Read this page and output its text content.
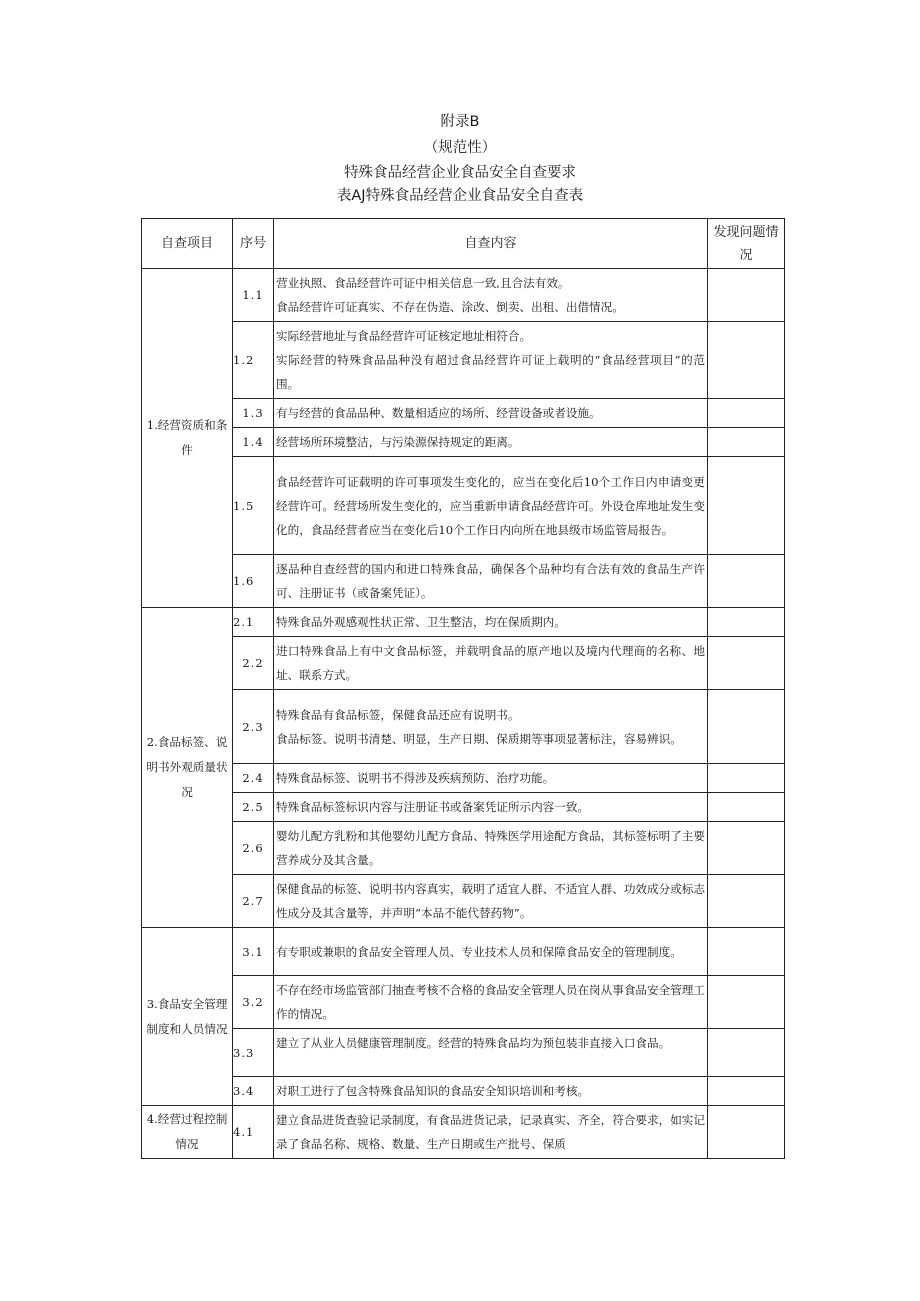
附录B
（规范性）
特殊食品经营企业食品安全自查要求
表AJ特殊食品经营企业食品安全自查表
自查项目	序号	自查内容	发现问题情况
1.经营资质和条件	1.1	营业执照、食品经营许可证中相关信息一致,且合法有效。
食品经营许可证真实、不存在伪造、涂改、倒卖、出租、出借情况。	

	1.2	实际经营地址与食品经营许可证核定地址相符合。
实际经营的特殊食品品种没有超过食品经营许可证上载明的“食品经营项目”的范围。	

	1.3	有与经营的食品品种、数量相适应的场所、经营设备或者设施。	

	1.4	经营场所环境整洁，与污染源保持规定的距离。	

	1.5	食品经营许可证载明的许可事项发生变化的，应当在变化后10个工作日内申请变更经营许可。经营场所发生变化的，应当重新申请食品经营许可。外设仓库地址发生变化的，食品经营者应当在变化后10个工作日内向所在地县级市场监管局报告。	

	1.6	逐品种自查经营的国内和进口特殊食品，确保各个品种均有合法有效的食品生产许可、注册证书（或备案凭证）。	

2.食品标签、说明书外观质量状况	2.1	特殊食品外观感观性状正常、卫生整洁，均在保质期内。	

	2.2	进口特殊食品上有中文食品标签，并载明食品的原产地以及境内代理商的名称、地址、联系方式。	

	2.3	特殊食品有食品标签，保健食品还应有说明书。
食品标签、说明书清楚、明显，生产日期、保质期等事项显著标注，容易辨识。	

	2.4	特殊食品标签、说明书不得涉及疾病预防、治疗功能。	

	2.5	特殊食品标签标识内容与注册证书或备案凭证所示内容一致。	

	2.6	婴幼儿配方乳粉和其他婴幼儿配方食品、特殊医学用途配方食品，其标签标明了主要营养成分及其含量。	

	2.7	保健食品的标签、说明书内容真实，载明了适宜人群、不适宜人群、功效成分或标志性成分及其含量等，并声明“本品不能代替药物”。	

3.食品安全管理制度和人员情况	3.1	有专职或兼职的食品安全管理人员、专业技术人员和保障食品安全的管理制度。	

	3.2	不存在经市场监管部门抽查考核不合格的食品安全管理人员在岗从事食品安全管理工作的情况。	

	3.3	建立了从业人员健康管理制度。经营的特殊食品均为预包装非直接入口食品。	

	3.4	对职工进行了包含特殊食品知识的食品安全知识培训和考核。	

4.经营过程控制情况	4.1	建立食品进货查验记录制度，有食品进货记录，记录真实、齐全，符合要求，如实记录了食品名称、规格、数量、生产日期或生产批号、保质	
